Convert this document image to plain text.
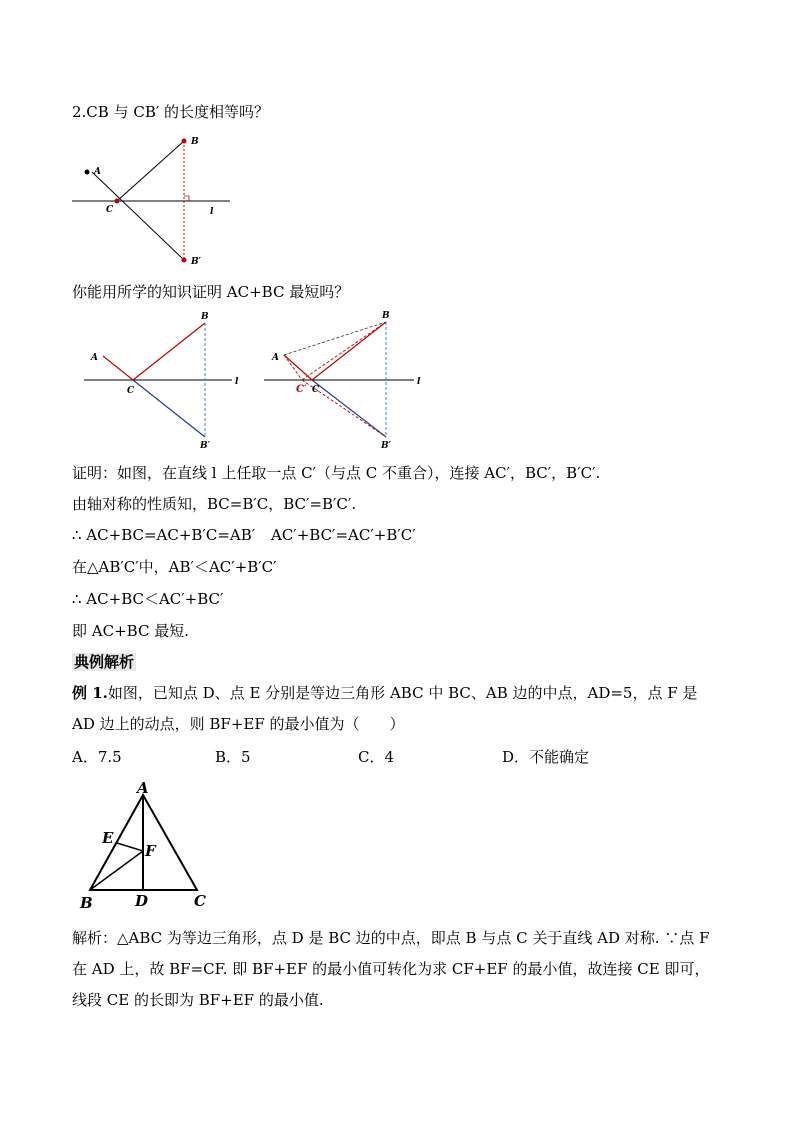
2.CB 与 CB′ 的长度相等吗？
A
C
B
B′
l
你能用所学的知识证明 AC+BC 最短吗？
A
C
B
B′
l
A
C′ C
B
B′
l
证明：如图，在直线 l 上任取一点 C′（与点 C 不重合），连接 AC′，BC′，B′C′.
由轴对称的性质知，BC=B′C，BC′=B′C′.
∴ AC+BC=AC+B′C=AB′ AC′+BC′=AC′+B′C′
在△AB′C′中，AB′＜AC′+B′C′
∴ AC+BC＜AC′+BC′
即 AC+BC 最短.
典例解析
例 1.如图，已知点 D、点 E 分别是等边三角形 ABC 中 BC、AB 边的中点，AD=5，点 F 是 AD 边上的动点，则 BF+EF 的最小值为（　　）
A．7.5	B．5	C．4	D．不能确定
A
E
F
B	D	C
解析：△ABC 为等边三角形，点 D 是 BC 边的中点，即点 B 与点 C 关于直线 AD 对称. ∵点 F 在 AD 上，故 BF=CF. 即 BF+EF 的最小值可转化为求 CF+EF 的最小值，故连接 CE 即可，线段 CE 的长即为 BF+EF 的最小值.
